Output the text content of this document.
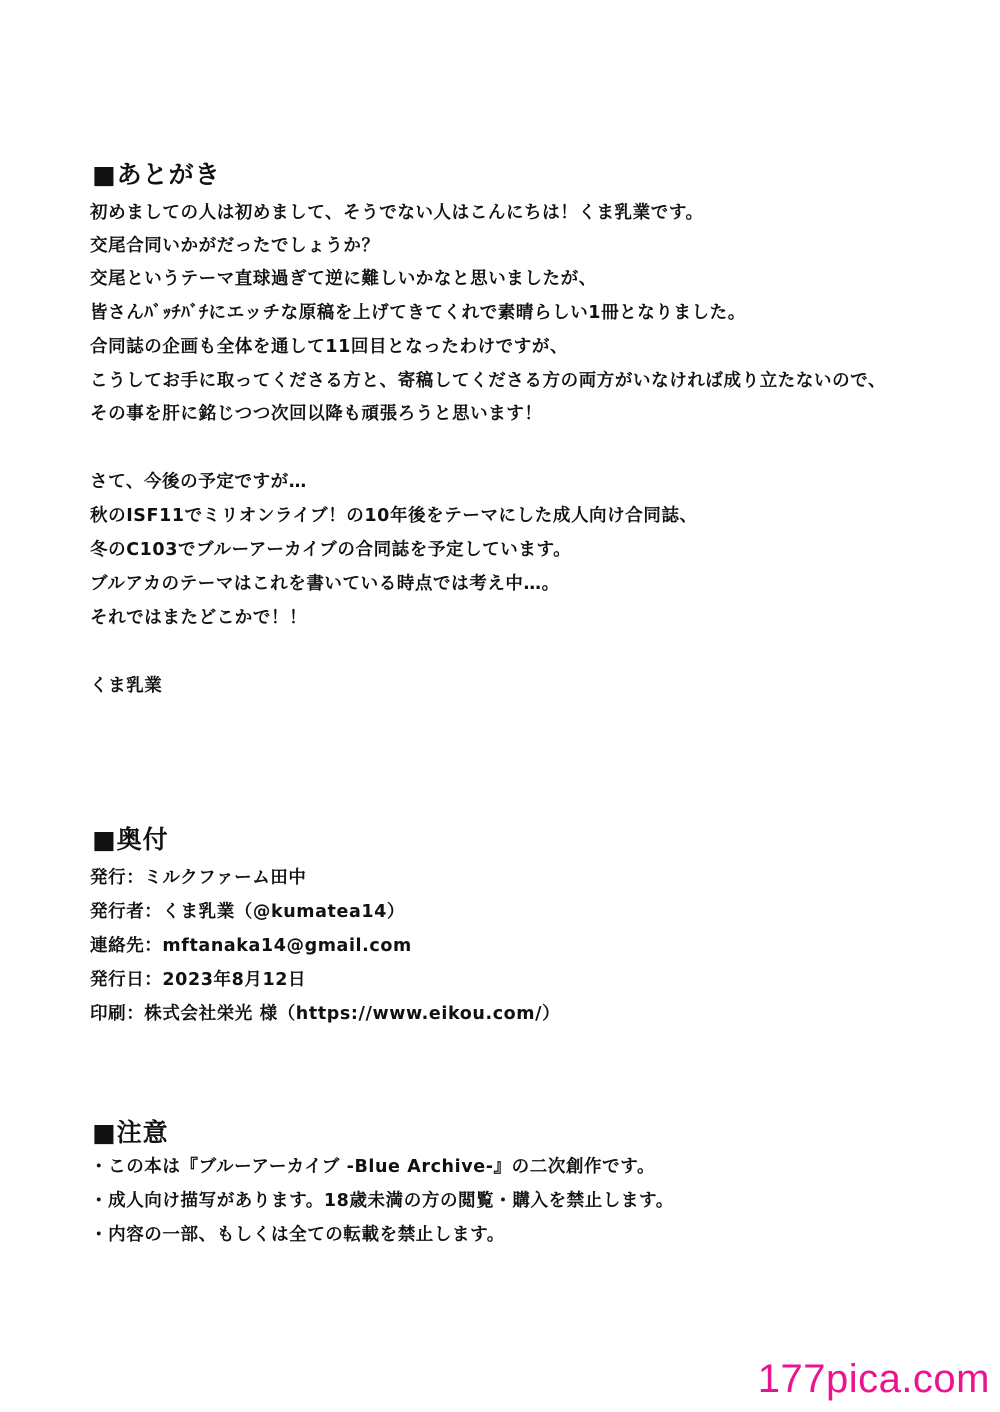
■あとがき
初めましての人は初めまして、そうでない人はこんにちは！くま乳業です。
交尾合同いかがだったでしょうか？
交尾というテーマ直球過ぎて逆に難しいかなと思いましたが、
皆さんﾊﾞｯﾁﾊﾞﾁにエッチな原稿を上げてきてくれで素晴らしい1冊となりました。
合同誌の企画も全体を通して11回目となったわけですが、
こうしてお手に取ってくださる方と、寄稿してくださる方の両方がいなければ成り立たないので、
その事を肝に銘じつつ次回以降も頑張ろうと思います！
さて、今後の予定ですが…
秋のISF11でミリオンライブ！の10年後をテーマにした成人向け合同誌、
冬のC103でブルーアーカイブの合同誌を予定しています。
ブルアカのテーマはこれを書いている時点では考え中…。
それではまたどこかで！！
くま乳業
■奥付
発行：ミルクファーム田中
発行者：くま乳業（@kumatea14）
連絡先：mftanaka14@gmail.com
発行日：2023年8月12日
印刷：株式会社栄光 様（https://www.eikou.com/）
■注意
・この本は『ブルーアーカイブ -Blue Archive-』の二次創作です。
・成人向け描写があります。18歳未満の方の閲覧・購入を禁止します。
・内容の一部、もしくは全ての転載を禁止します。
177pica.com
